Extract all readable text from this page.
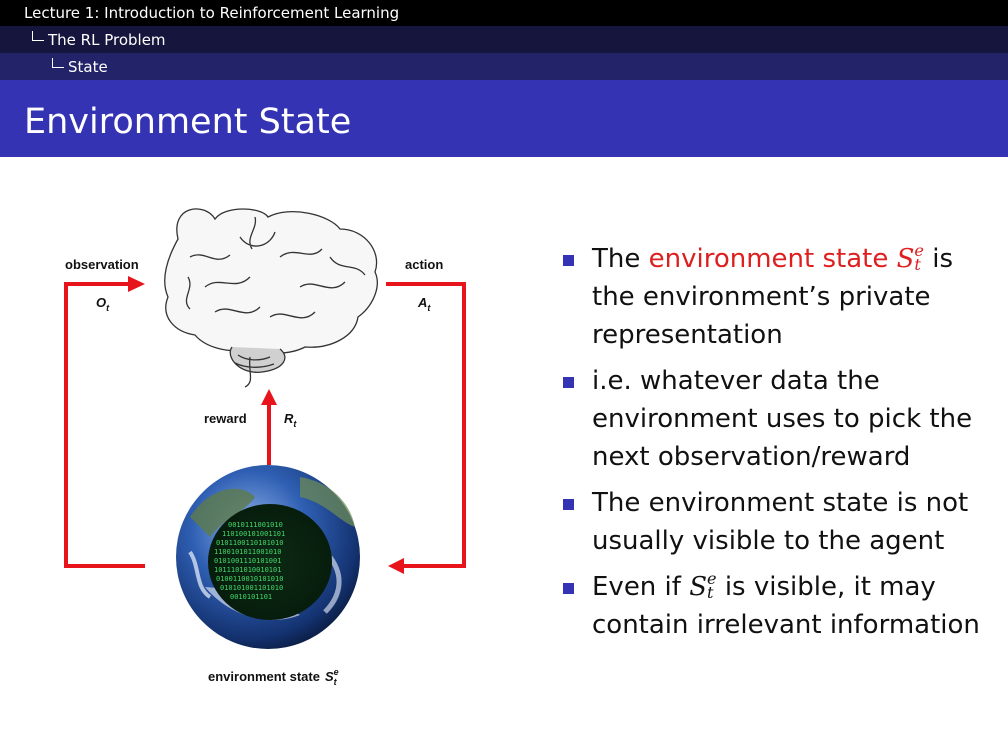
Lecture 1: Introduction to Reinforcement Learning
The RL Problem
State
Environment State
0010111001010
110100101001101
0101100110101010
1100101011001010
0101001110101001
1011101010010101
0100110010101010
010101001101010
0010101101
observation
$O_t$
action
$A_t$
reward	$R_t$
environment state $S^e$ t
The environment state S e
t is the environment’s private representation
i.e. whatever data the environment uses to pick the next observation/reward
The environment state is not usually visible to the agent
Even if S e
t is visible, it may contain irrelevant information
